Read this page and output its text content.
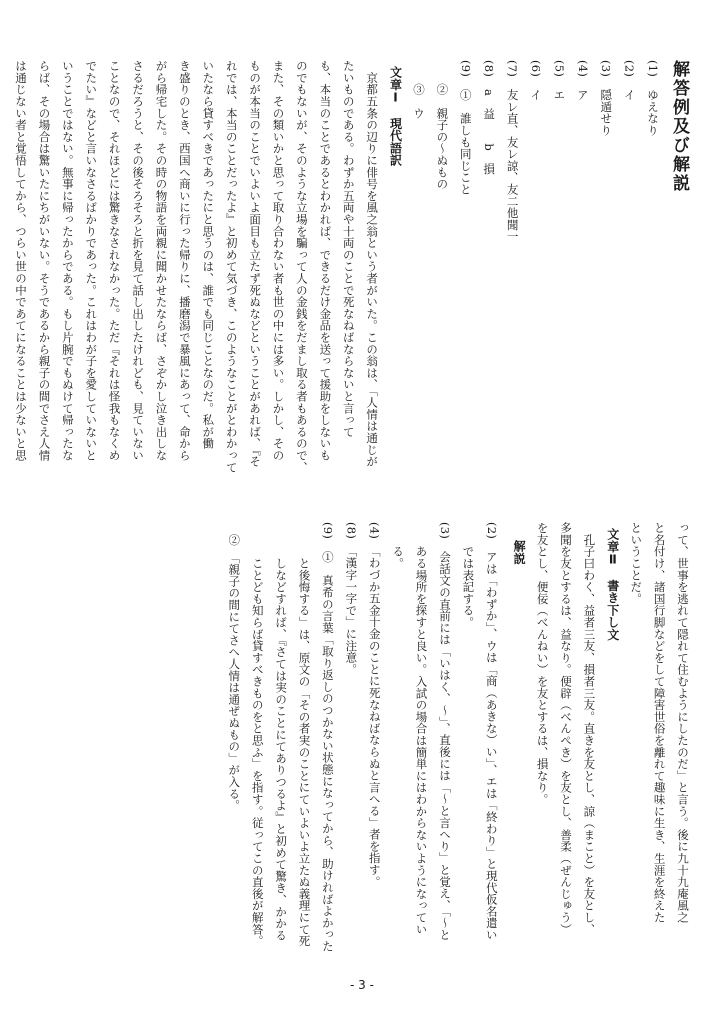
解答例及び解説
(1)　ゆえなり
(2)　イ
(3)　隠遁せり
(4)　ア
(5)　エ
(6)　イ
(7)　友レ直、友レ諒、友二他聞一
(8)　a　益　　b　損
(9)　①　誰しも同じこと
　　②　親子の～ぬもの
　　③　ウ
文章Ⅰ　現代語訳
　京都五条の辺りに俳号を風之翁という者がいた。この翁は、「人情は通じが
たいものである。わずか五両や十両のことで死なねばならないと言って
も、本当のことであるとわかれば、できるだけ金品を送って援助をしないも
のでもないが、そのような立場を騙って人の金銭をだまし取る者もあるので、
また、その類いかと思って取り合わない者も世の中には多い。しかし、その
ものが本当のことでいよいよ面目も立たず死ぬなどということがあれば、『そ
れでは、本当のことだったよ』と初めて気づき、このようなことがとわかって
いたなら貸すべきであったにと思うのは、誰でも同じことなのだ。私が働
き盛りのとき、西国へ商いに行った帰りに、播磨潟で暴風にあって、命から
がら帰宅した。その時の物語を両親に聞かせたならば、さぞかし泣き出しな
さるだろうと、その後そろそろと折を見て話し出したけれども、見ていない
ことなので、それほどには驚きなされなかった。ただ『それは怪我もなくめ
でたい』などと言いなさるばかりであった。これはわが子を愛していないと
いうことではない。無事に帰ったからである。もし片腕でもぬけて帰ったな
らば、その場合は驚いたにちがいない。そうであるから親子の間でさえ人情
は通じない者と覚悟してから、つらい世の中であてになることは少ないと思
って、世事を逃れて隠れて住むようにしたのだ」と言う。後に九十九庵風之
と名付け、諸国行脚などをして障害世俗を離れて趣味に生き、生涯を終えた
ということだ。
文章Ⅱ　書き下し文
　孔子曰わく、益者三友、損者三友。直きを友とし、諒（まこと）を友とし、
多聞を友とするは、益なり。便辟（べんぺき）を友とし、善柔（ぜんじゅう）
を友とし、便佞（べんねい）を友とするは、損なり。
解説
(2)　アは「わずか」、ウは「商（あきな）い」、エは「終わり」と現代仮名遣い
　　では表記する。
(3)　会話文の直前には「いはく、～」、直後には「～と言へり」と覚え、「～と
　　ある場所を探すと良い。入試の場合は簡単にはわからないようになってい
　　る。
(4)　「わづか五金十金のことに死なねばならぬと言へる」者を指す。
(8)　「漢字一字で」に注意。
(9)　①　真希の言葉「取り返しのつかない状態になってから、助ければよかった
　　　と後悔する」は、原文の「その者実のことにていよいよ立たぬ義理にて死
　　　しなどすれば、『さては実のことにてありつるよ』と初めて驚き、かかる
　　　ことども知らば貸すべきものをと思ふ」を指す。従ってこの直後が解答。
　②　「親子の間にてさへ人情は通ぜぬもの」が入る。
- 3 -
